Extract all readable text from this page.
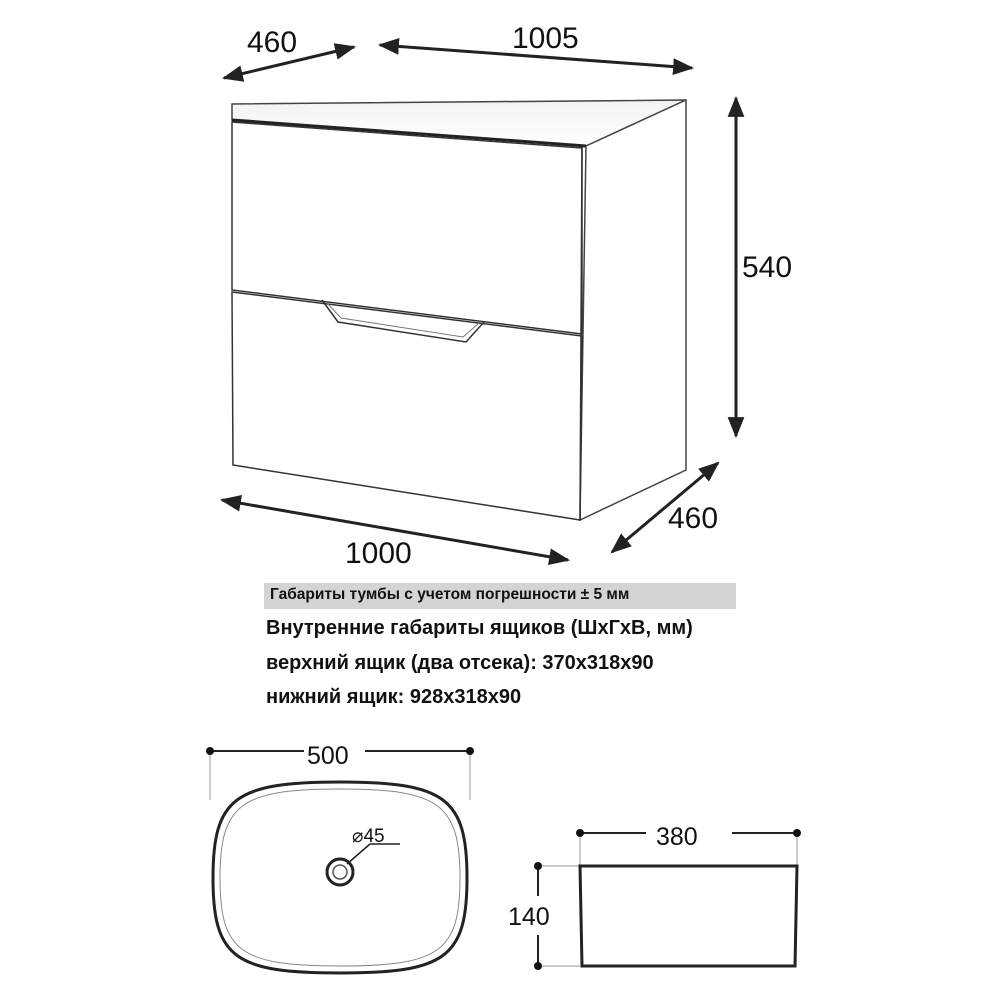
460	1005
540
460
1000
500
⌀45	380
140
Габариты тумбы с учетом погрешности ± 5 мм
Внутренние габариты ящиков (ШхГхВ, мм)
верхний ящик (два отсека): 370х318х90
нижний ящик: 928х318х90
